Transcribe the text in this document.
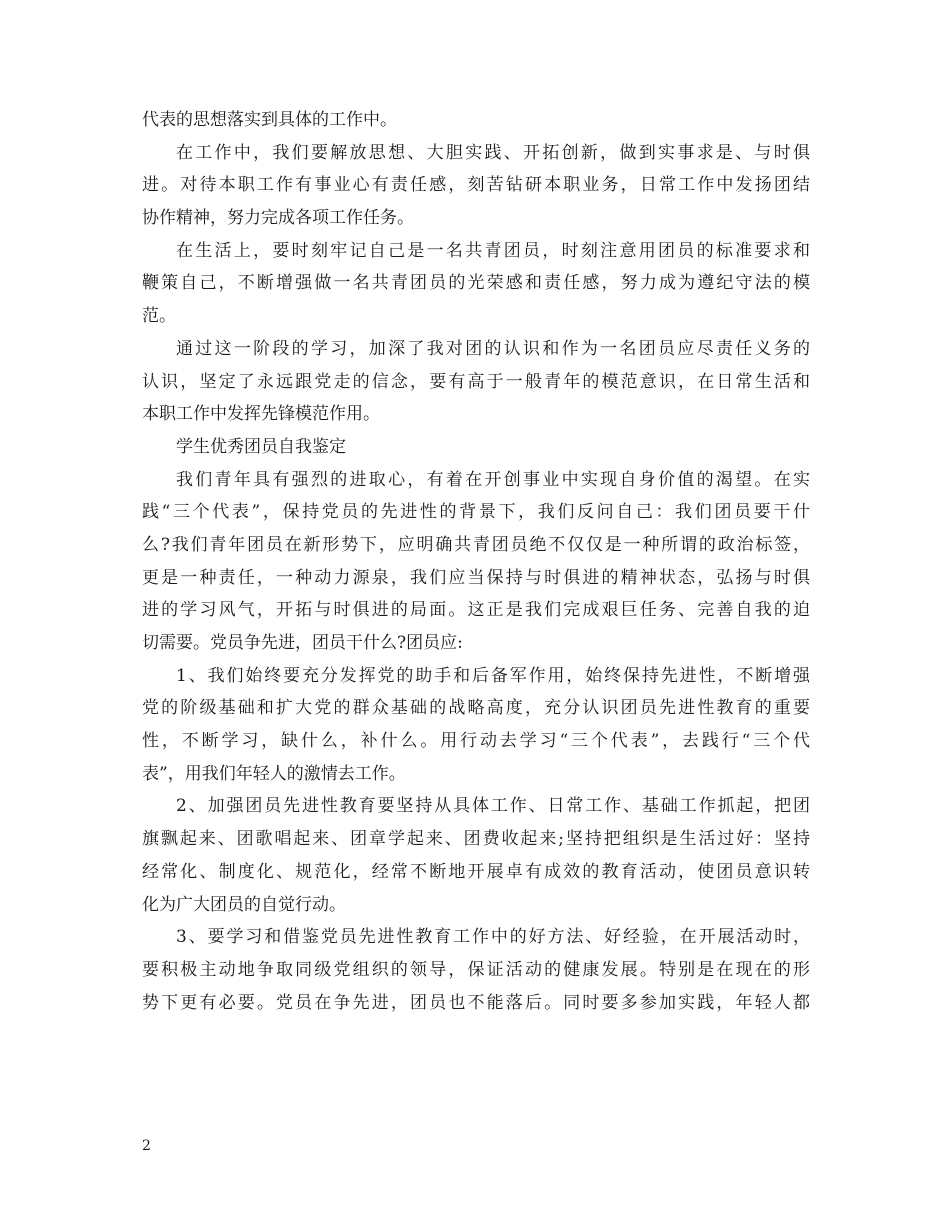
代表的思想落实到具体的工作中。
在工作中，我们要解放思想、大胆实践、开拓创新，做到实事求是、与时俱
进。对待本职工作有事业心有责任感，刻苦钻研本职业务，日常工作中发扬团结
协作精神，努力完成各项工作任务。
在生活上，要时刻牢记自己是一名共青团员，时刻注意用团员的标准要求和
鞭策自己，不断增强做一名共青团员的光荣感和责任感，努力成为遵纪守法的模
范。
通过这一阶段的学习，加深了我对团的认识和作为一名团员应尽责任义务的
认识，坚定了永远跟党走的信念，要有高于一般青年的模范意识，在日常生活和
本职工作中发挥先锋模范作用。
学生优秀团员自我鉴定
我们青年具有强烈的进取心，有着在开创事业中实现自身价值的渴望。在实
践“三个代表”，保持党员的先进性的背景下，我们反问自己：我们团员要干什
么?我们青年团员在新形势下，应明确共青团员绝不仅仅是一种所谓的政治标签，
更是一种责任，一种动力源泉，我们应当保持与时俱进的精神状态，弘扬与时俱
进的学习风气，开拓与时俱进的局面。这正是我们完成艰巨任务、完善自我的迫
切需要。党员争先进，团员干什么?团员应:
1、我们始终要充分发挥党的助手和后备军作用，始终保持先进性，不断增强
党的阶级基础和扩大党的群众基础的战略高度，充分认识团员先进性教育的重要
性，不断学习，缺什么，补什么。用行动去学习“三个代表”，去践行“三个代
表”，用我们年轻人的激情去工作。
2、加强团员先进性教育要坚持从具体工作、日常工作、基础工作抓起，把团
旗飘起来、团歌唱起来、团章学起来、团费收起来;坚持把组织是生活过好：坚持
经常化、制度化、规范化，经常不断地开展卓有成效的教育活动，使团员意识转
化为广大团员的自觉行动。
3、要学习和借鉴党员先进性教育工作中的好方法、好经验，在开展活动时，
要积极主动地争取同级党组织的领导，保证活动的健康发展。特别是在现在的形
势下更有必要。党员在争先进，团员也不能落后。同时要多参加实践，年轻人都
2
